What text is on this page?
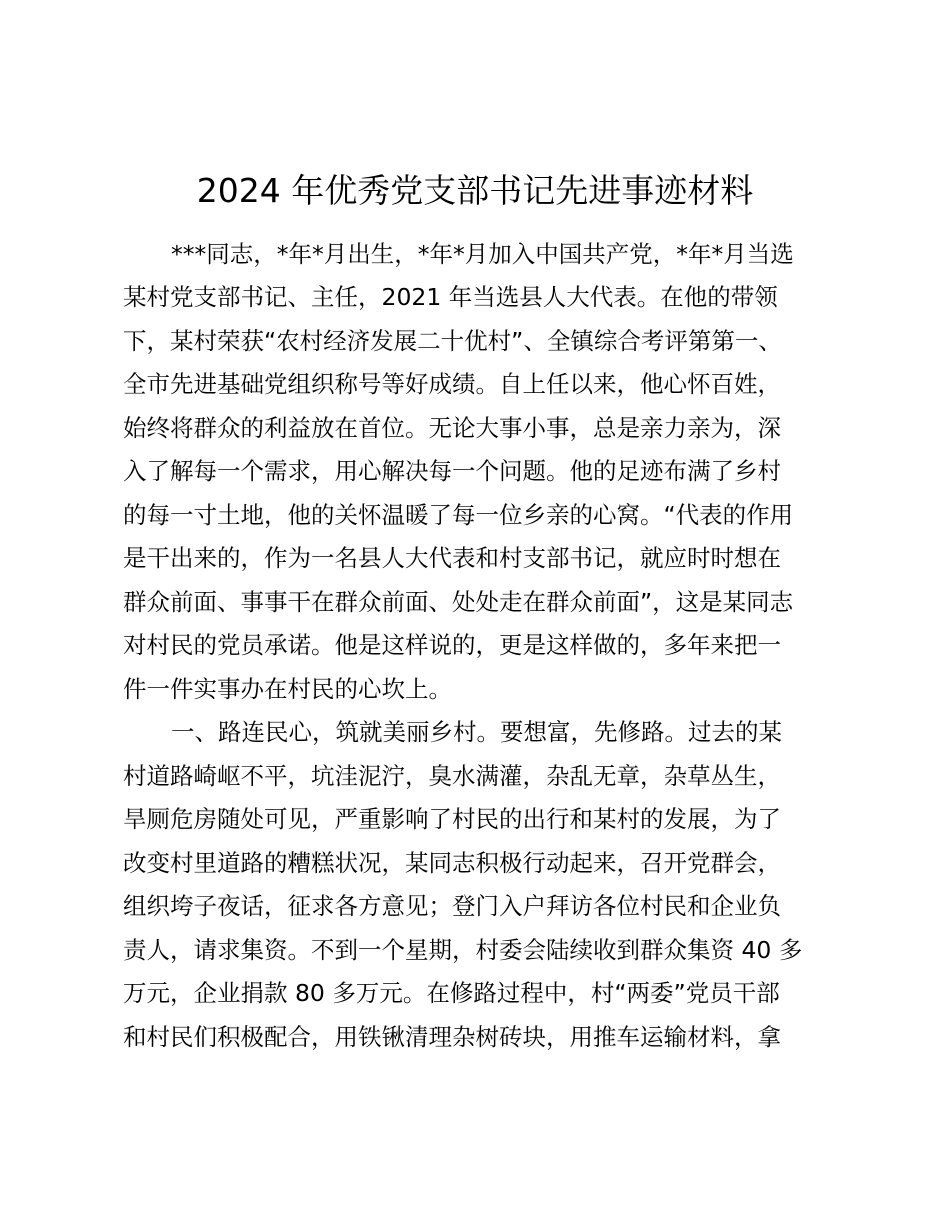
2024 年优秀党支部书记先进事迹材料
***同志，*年*月出生，*年*月加入中国共产党，*年*月当选
某村党支部书记、主任，2021 年当选县人大代表。在他的带领
下，某村荣获“农村经济发展二十优村”、全镇综合考评第第一、
全市先进基础党组织称号等好成绩。自上任以来，他心怀百姓，
始终将群众的利益放在首位。无论大事小事，总是亲力亲为，深
入了解每一个需求，用心解决每一个问题。他的足迹布满了乡村
的每一寸土地，他的关怀温暖了每一位乡亲的心窝。“代表的作用
是干出来的，作为一名县人大代表和村支部书记，就应时时想在
群众前面、事事干在群众前面、处处走在群众前面”，这是某同志
对村民的党员承诺。他是这样说的，更是这样做的，多年来把一
件一件实事办在村民的心坎上。
一、路连民心，筑就美丽乡村。要想富，先修路。过去的某
村道路崎岖不平，坑洼泥泞，臭水满灌，杂乱无章，杂草丛生，
旱厕危房随处可见，严重影响了村民的出行和某村的发展，为了
改变村里道路的糟糕状况，某同志积极行动起来，召开党群会，
组织垮子夜话，征求各方意见；登门入户拜访各位村民和企业负
责人，请求集资。不到一个星期，村委会陆续收到群众集资 40 多
万元，企业捐款 80 多万元。在修路过程中，村“两委”党员干部
和村民们积极配合，用铁锹清理杂树砖块，用推车运输材料，拿
